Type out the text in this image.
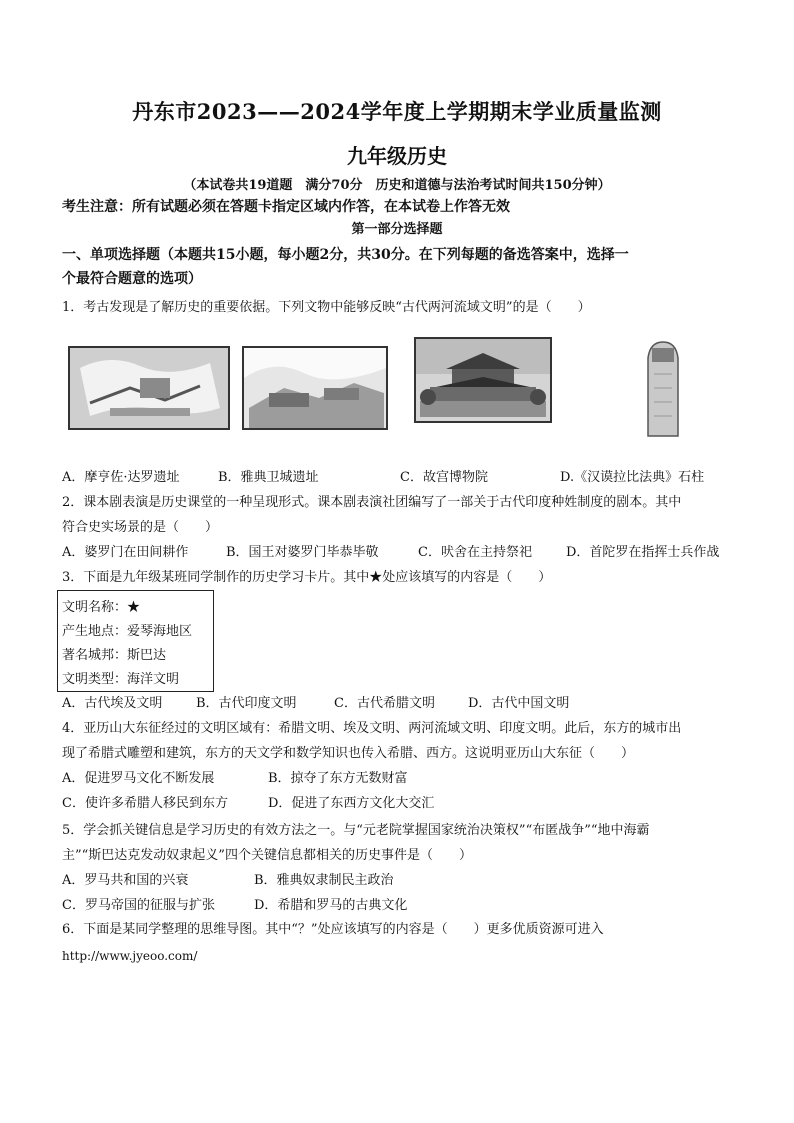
丹东市2023——2024学年度上学期期末学业质量监测
九年级历史
（本试卷共19道题　满分70分　历史和道德与法治考试时间共150分钟）
考生注意：所有试题必须在答题卡指定区域内作答，在本试卷上作答无效
第一部分选择题
一、单项选择题（本题共15小题，每小题2分，共30分。在下列每题的备选答案中，选择一
个最符合题意的选项）
1．考古发现是了解历史的重要依据。下列文物中能够反映“古代两河流域文明”的是（　　）
A．摩亨佐·达罗遗址	B．雅典卫城遗址	C．故宫博物院	D.《汉谟拉比法典》石柱
2．课本剧表演是历史课堂的一种呈现形式。课本剧表演社团编写了一部关于古代印度种姓制度的剧本。其中
符合史实场景的是（　　）
A．婆罗门在田间耕作	B．国王对婆罗门毕恭毕敬	C．吠舍在主持祭祀	D．首陀罗在指挥士兵作战
3．下面是九年级某班同学制作的历史学习卡片。其中★处应该填写的内容是（　　）
文明名称：★
产生地点：爱琴海地区
著名城邦：斯巴达
文明类型：海洋文明
A．古代埃及文明	B．古代印度文明	C．古代希腊文明	D．古代中国文明
4．亚历山大东征经过的文明区域有：希腊文明、埃及文明、两河流域文明、印度文明。此后，东方的城市出
现了希腊式雕塑和建筑，东方的天文学和数学知识也传入希腊、西方。这说明亚历山大东征（　　）
A．促进罗马文化不断发展	B．掠夺了东方无数财富
C．使许多希腊人移民到东方	D．促进了东西方文化大交汇
5．学会抓关键信息是学习历史的有效方法之一。与“元老院掌握国家统治决策权”“布匿战争”“地中海霸
主”“斯巴达克发动奴隶起义”四个关键信息都相关的历史事件是（　　）
A．罗马共和国的兴衰	B．雅典奴隶制民主政治
C．罗马帝国的征服与扩张	D．希腊和罗马的古典文化
6．下面是某同学整理的思维导图。其中“？”处应该填写的内容是（　　）更多优质资源可进入
http://www.jyeoo.com/
